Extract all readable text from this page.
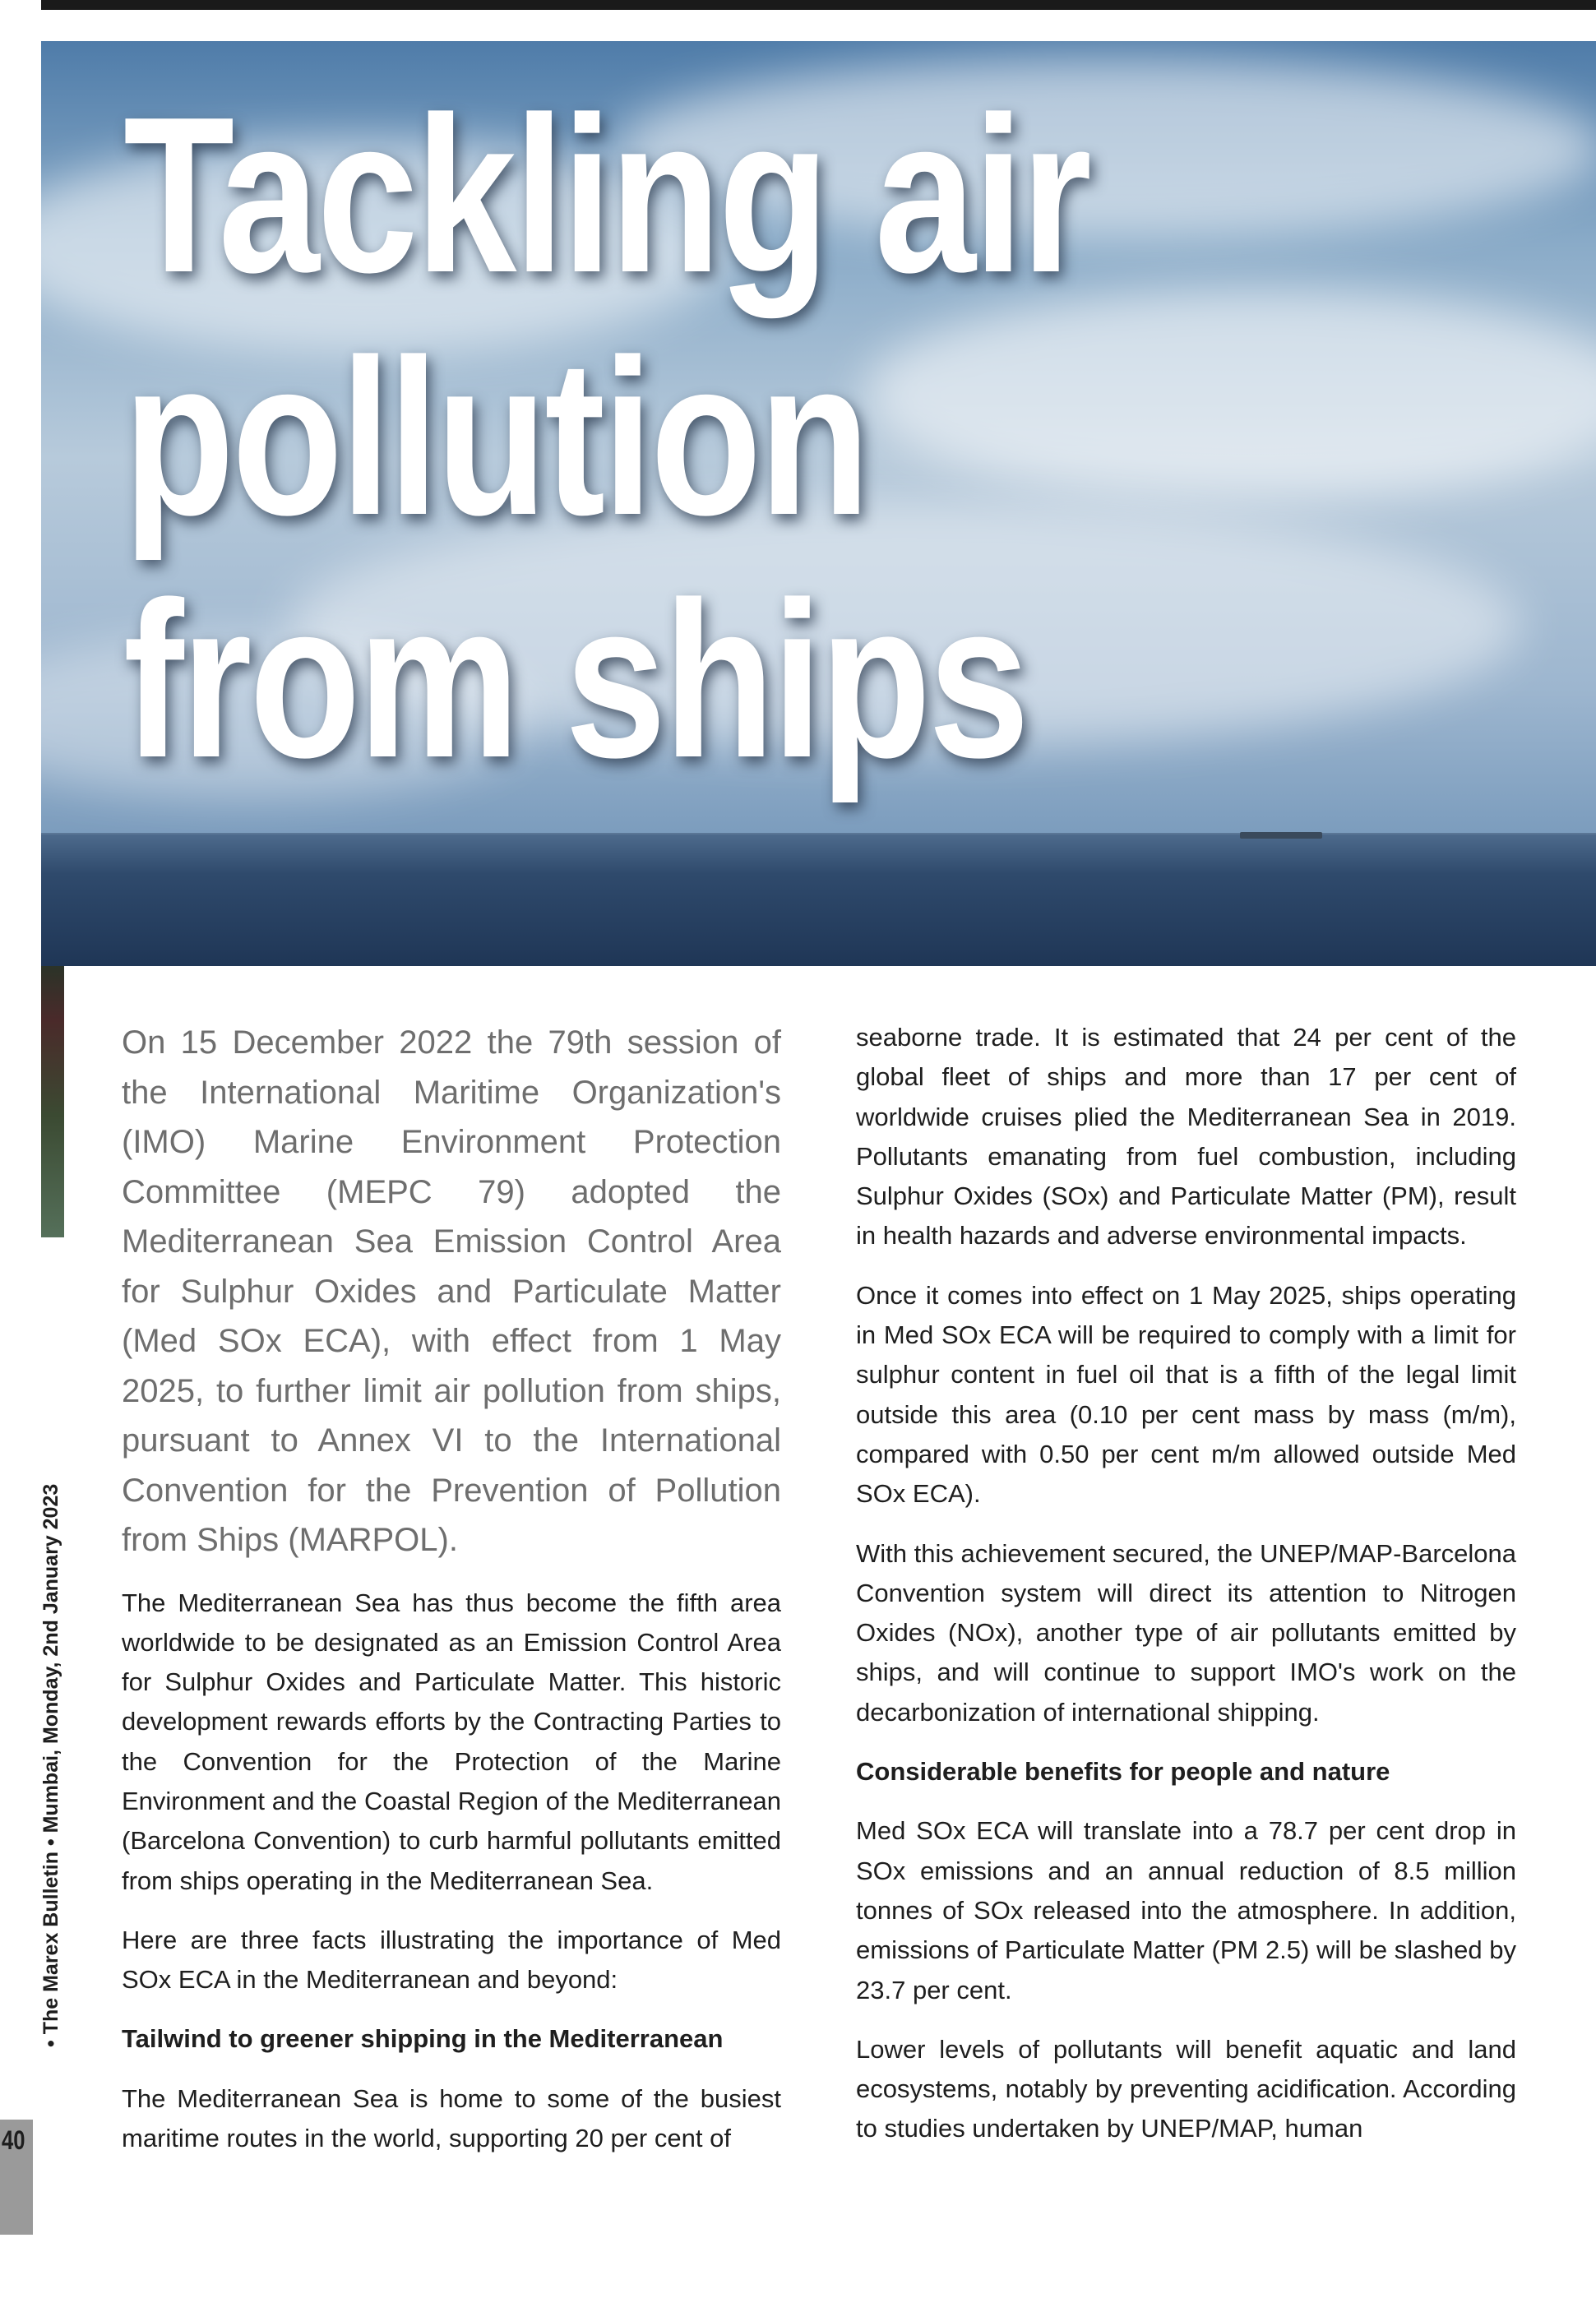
Tackling air
pollution
from ships
• The Marex Bulletin • Mumbai, Monday, 2nd January 2023
40

On 15 December 2022 the 79th session of the International Maritime Organization's (IMO) Marine Environment Protection Committee (MEPC 79) adopted the Mediterranean Sea Emission Control Area for Sulphur Oxides and Particulate Matter (Med SOx ECA), with effect from 1 May 2025, to further limit air pollution from ships, pursuant to Annex VI to the International Convention for the Prevention of Pollution from Ships (MARPOL).

The Mediterranean Sea has thus become the fifth area worldwide to be designated as an Emission Control Area for Sulphur Oxides and Particulate Matter. This historic development rewards efforts by the Contracting Parties to the Convention for the Protection of the Marine Environment and the Coastal Region of the Mediterranean (Barcelona Convention) to curb harmful pollutants emitted from ships operating in the Mediterranean Sea.

Here are three facts illustrating the importance of Med SOx ECA in the Mediterranean and beyond:

Tailwind to greener shipping in the Mediterranean

The Mediterranean Sea is home to some of the busiest maritime routes in the world, supporting 20 per cent of

seaborne trade. It is estimated that 24 per cent of the global fleet of ships and more than 17 per cent of worldwide cruises plied the Mediterranean Sea in 2019. Pollutants emanating from fuel combustion, including Sulphur Oxides (SOx) and Particulate Matter (PM), result in health hazards and adverse environmental impacts.

Once it comes into effect on 1 May 2025, ships operating in Med SOx ECA will be required to comply with a limit for sulphur content in fuel oil that is a fifth of the legal limit outside this area (0.10 per cent mass by mass (m/m), compared with 0.50 per cent m/m allowed outside Med SOx ECA).

With this achievement secured, the UNEP/MAP-Barcelona Convention system will direct its attention to Nitrogen Oxides (NOx), another type of air pollutants emitted by ships, and will continue to support IMO's work on the decarbonization of international shipping.

Considerable benefits for people and nature

Med SOx ECA will translate into a 78.7 per cent drop in SOx emissions and an annual reduction of 8.5 million tonnes of SOx released into the atmosphere. In addition, emissions of Particulate Matter (PM 2.5) will be slashed by 23.7 per cent.

Lower levels of pollutants will benefit aquatic and land ecosystems, notably by preventing acidification. According to studies undertaken by UNEP/MAP, human
